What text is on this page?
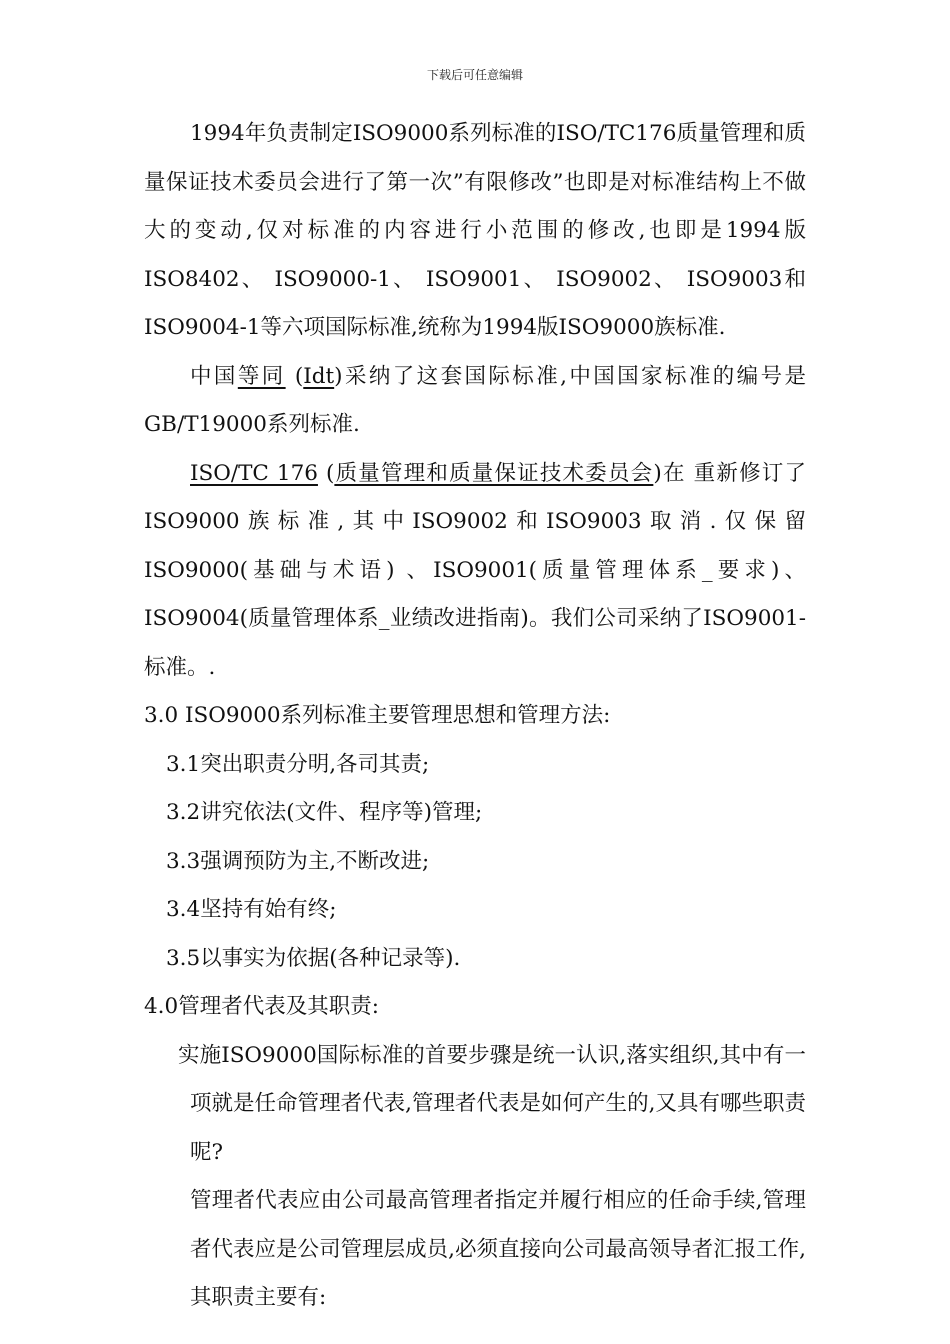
下载后可任意编辑

1994年负责制定ISO9000系列标准的ISO/TC176质量管理和质量保证技术委员会进行了第一次”有限修改”也即是对标准结构上不做大的变动,仅对标准的内容进行小范围的修改,也即是1994版ISO8402、 ISO9000-1、 ISO9001、 ISO9002、 ISO9003和ISO9004-1等六项国际标准,统称为1994版ISO9000族标准.

中国等同 (Idt)采纳了这套国际标准,中国国家标准的编号是GB/T19000系列标准.

ISO/TC 176 (质量管理和质量保证技术委员会)在 重新修订了ISO9000族标准,其中ISO9002和ISO9003取消.仅保留ISO9000(基础与术语) 、ISO9001(质量管理体系_要求)、ISO9004(质量管理体系_业绩改进指南)。我们公司采纳了ISO9001- 标准。.

3.0 ISO9000系列标准主要管理思想和管理方法:

3.1突出职责分明,各司其责;

3.2讲究依法(文件、程序等)管理;

3.3强调预防为主,不断改进;

3.4坚持有始有终;

3.5以事实为依据(各种记录等).

4.0管理者代表及其职责:

实施ISO9000国际标准的首要步骤是统一认识,落实组织,其中有一项就是任命管理者代表,管理者代表是如何产生的,又具有哪些职责呢?

管理者代表应由公司最高管理者指定并履行相应的任命手续,管理者代表应是公司管理层成员,必须直接向公司最高领导者汇报工作,其职责主要有:
